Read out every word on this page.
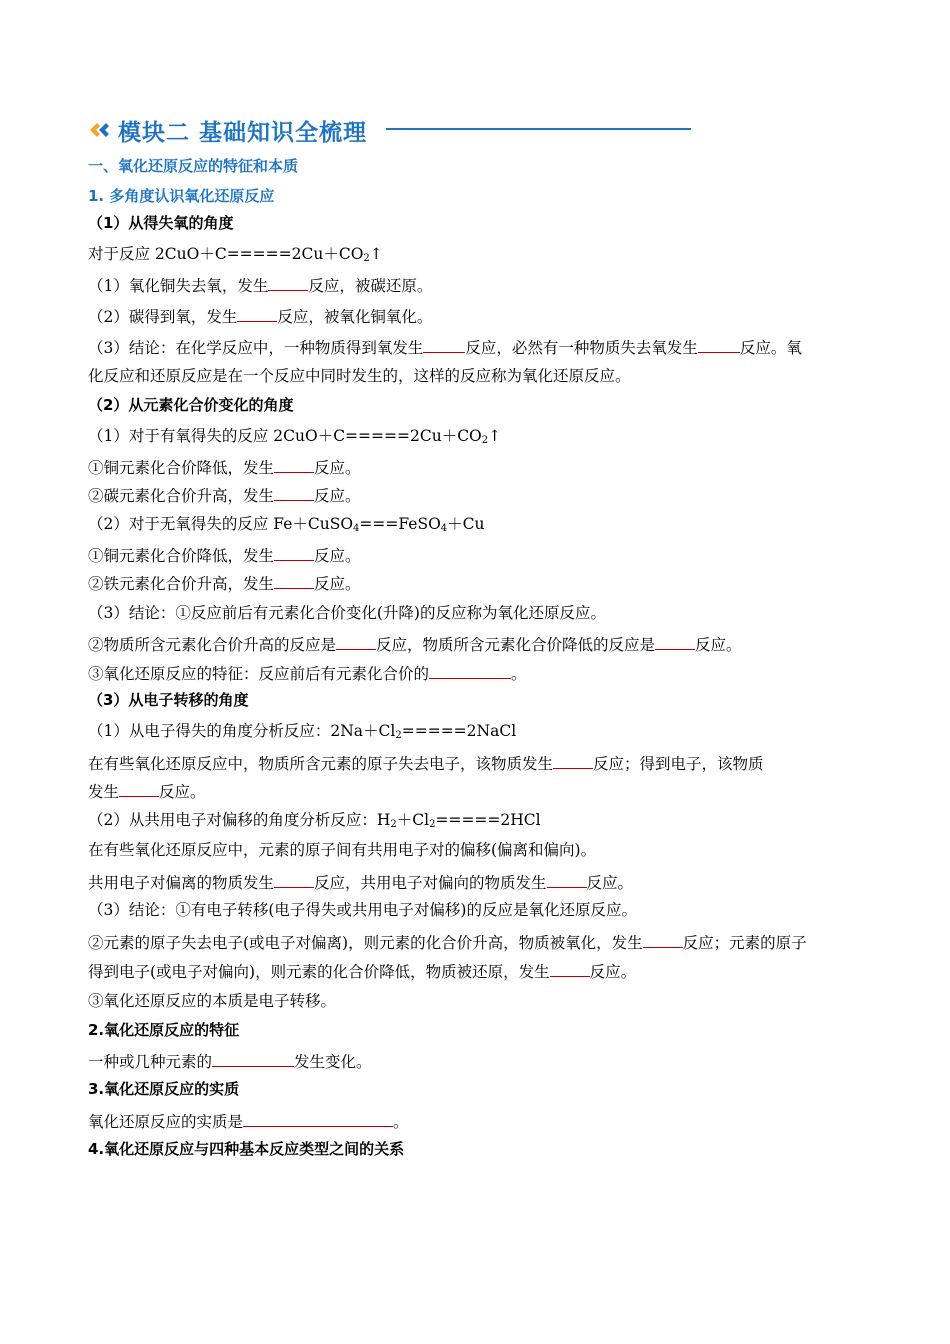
模块二 基础知识全梳理
一、氧化还原反应的特征和本质
1. 多角度认识氧化还原反应
（1）从得失氧的角度
对于反应 $2CuO+C=====2Cu+CO_2↑$
（1）氧化铜失去氧，发生	反应，被碳还原。
（2）碳得到氧，发生	反应，被氧化铜氧化。
（3）结论：在化学反应中，一种物质得到氧发生	反应，必然有一种物质失去氧发生	反应。氧
化反应和还原反应是在一个反应中同时发生的，这样的反应称为氧化还原反应。
（2）从元素化合价变化的角度
（1）对于有氧得失的反应 $2CuO+C=====2Cu+CO_2↑$
①铜元素化合价降低，发生	反应。
②碳元素化合价升高，发生	反应。
（2）对于无氧得失的反应 Fe＋CuSO$_4$===FeSO$_4$＋Cu
①铜元素化合价降低，发生	反应。
②铁元素化合价升高，发生	反应。
（3）结论：①反应前后有元素化合价变化(升降)的反应称为氧化还原反应。
②物质所含元素化合价升高的反应是	反应，物质所含元素化合价降低的反应是	反应。
③氧化还原反应的特征：反应前后有元素化合价的	。
（3）从电子转移的角度
（1）从电子得失的角度分析反应：$2Na+Cl_2=====2NaCl$
在有些氧化还原反应中，物质所含元素的原子失去电子，该物质发生	反应；得到电子，该物质
发生	反应。
（2）从共用电子对偏移的角度分析反应：$H_2+Cl_2=====2HCl$
在有些氧化还原反应中，元素的原子间有共用电子对的偏移(偏离和偏向)。
共用电子对偏离的物质发生	反应，共用电子对偏向的物质发生	反应。
（3）结论：①有电子转移(电子得失或共用电子对偏移)的反应是氧化还原反应。
②元素的原子失去电子(或电子对偏离)，则元素的化合价升高，物质被氧化，发生	反应；元素的原子
得到电子(或电子对偏向)，则元素的化合价降低，物质被还原，发生	反应。
③氧化还原反应的本质是电子转移。
2.氧化还原反应的特征
一种或几种元素的	发生变化。
3.氧化还原反应的实质
氧化还原反应的实质是	。
4.氧化还原反应与四种基本反应类型之间的关系
